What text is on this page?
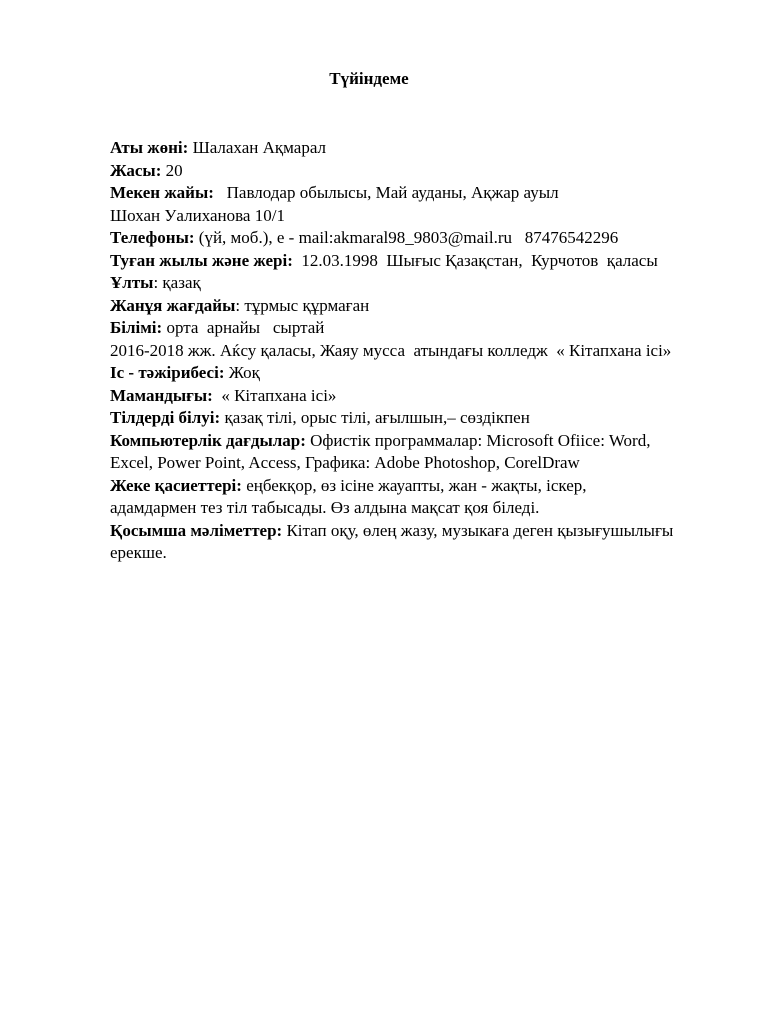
Түйіндеме
Аты жөні: Шалахан Ақмарал
Жасы: 20
Мекен жайы:   Павлодар обылысы, Май ауданы, Ақжар ауыл
Шохан Уалиханова 10/1
Телефоны: (үй, моб.), е - mail:akmaral98_9803@mail.ru   87476542296
Туған жылы және жері:  12.03.1998  Шығыс Қазақстан,  Курчотов  қаласы
Ұлты: қазақ
Жанұя жағдайы: тұрмыс құрмаған
Білімі: орта  арнайы   сыртай
2016-2018 жж. Аќсу қаласы, Жаяу мусса  атындағы колледж  « Кітапхана ісі»
Іс - тәжірибесі: Жоқ
Мамандығы:  « Кітапхана ісі»
Тілдерді білуі: қазақ тілі, орыс тілі, ағылшын,– сөздікпен
Компьютерлік дағдылар: Офистік программалар: Microsoft Ofiice: Word,
Excel, Power Point, Access, Графика: Adobe Photoshop, CorelDraw
Жеке қасиеттері: еңбекқор, өз ісіне жауапты, жан - жақты, іскер,
адамдармен тез тіл табысады. Өз алдына мақсат қоя біледі.
Қосымша мәліметтер: Кітап оқу, өлең жазу, музыкаға деген қызығушылығы
ерекше.
